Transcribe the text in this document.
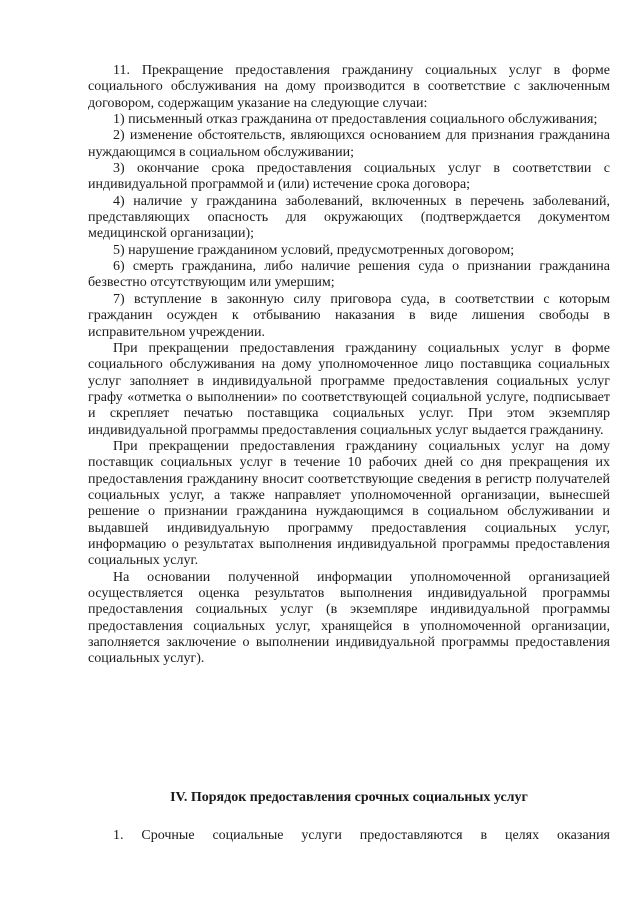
11. Прекращение предоставления гражданину социальных услуг в форме социального обслуживания на дому производится в соответствие с заключенным договором, содержащим указание на следующие случаи:

1) письменный отказ гражданина от предоставления социального обслуживания;

2) изменение обстоятельств, являющихся основанием для признания гражданина нуждающимся в социальном обслуживании;

3) окончание срока предоставления социальных услуг в соответствии с индивидуальной программой и (или) истечение срока договора;

4) наличие у гражданина заболеваний, включенных в перечень заболеваний, представляющих опасность для окружающих (подтверждается документом медицинской организации);

5) нарушение гражданином условий, предусмотренных договором;

6) смерть гражданина, либо наличие решения суда о признании гражданина безвестно отсутствующим или умершим;

7) вступление в законную силу приговора суда, в соответствии с которым гражданин осужден к отбыванию наказания в виде лишения свободы в исправительном учреждении.

При прекращении предоставления гражданину социальных услуг в форме социального обслуживания на дому уполномоченное лицо поставщика социальных услуг заполняет в индивидуальной программе предоставления социальных услуг графу «отметка о выполнении» по соответствующей социальной услуге, подписывает и скрепляет печатью поставщика социальных услуг. При этом экземпляр индивидуальной программы предоставления социальных услуг выдается гражданину.

При прекращении предоставления гражданину социальных услуг на дому поставщик социальных услуг в течение 10 рабочих дней со дня прекращения их предоставления гражданину вносит соответствующие сведения в регистр получателей социальных услуг, а также направляет уполномоченной организации, вынесшей решение о признании гражданина нуждающимся в социальном обслуживании и выдавшей индивидуальную программу предоставления социальных услуг, информацию о результатах выполнения индивидуальной программы предоставления социальных услуг.

На основании полученной информации уполномоченной организацией осуществляется оценка результатов выполнения индивидуальной программы предоставления социальных услуг (в экземпляре индивидуальной программы предоставления социальных услуг, хранящейся в уполномоченной организации, заполняется заключение о выполнении индивидуальной программы предоставления социальных услуг).

IV. Порядок предоставления срочных социальных услуг

1. Срочные социальные услуги предоставляются в целях оказания
